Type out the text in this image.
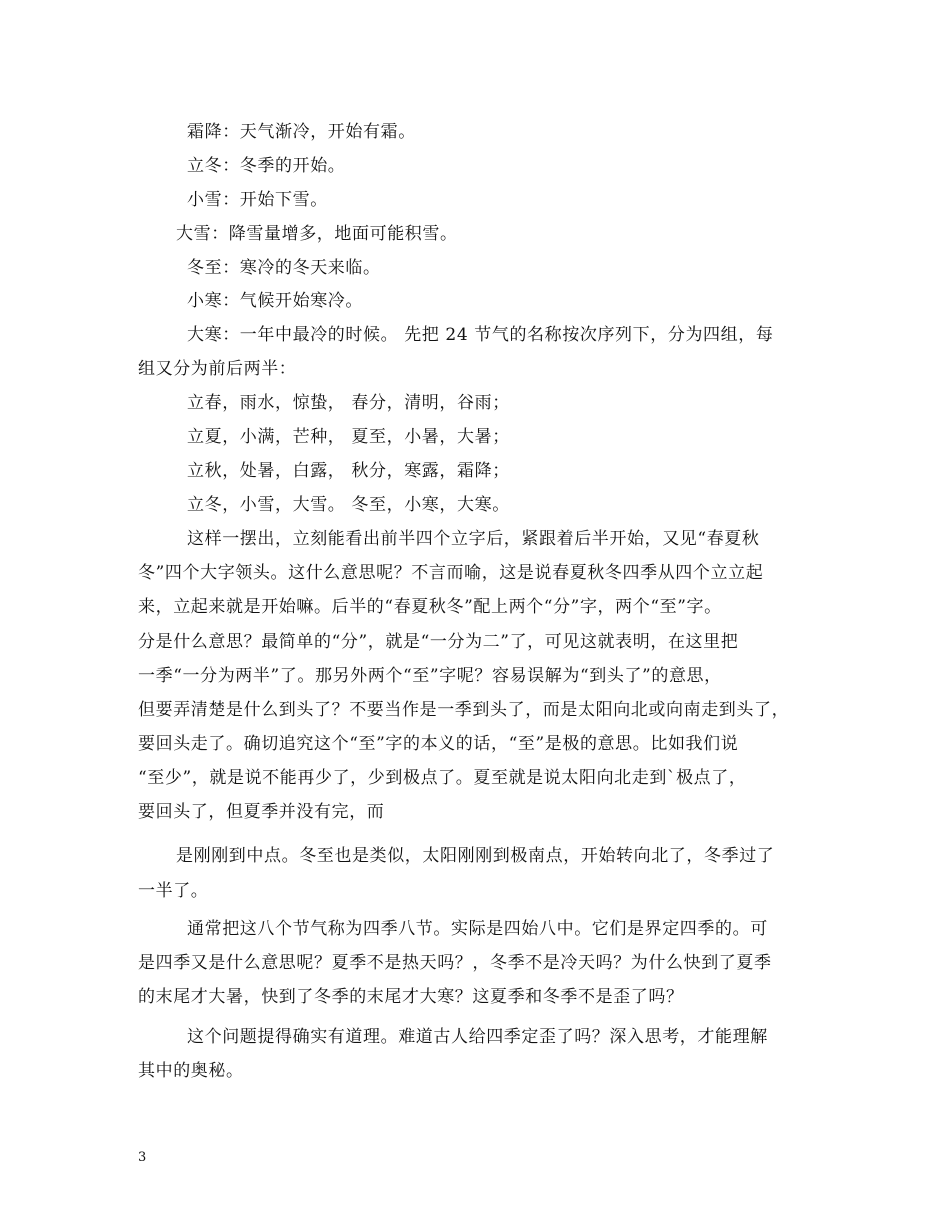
霜降：天气渐冷，开始有霜。
立冬：冬季的开始。
小雪：开始下雪。
大雪：降雪量增多，地面可能积雪。
冬至：寒冷的冬天来临。
小寒：气候开始寒冷。
大寒：一年中最冷的时候。 先把 24 节气的名称按次序列下，分为四组，每
组又分为前后两半：
立春，雨水，惊蛰， 春分，清明，谷雨；
立夏，小满，芒种， 夏至，小暑，大暑；
立秋，处暑，白露， 秋分，寒露，霜降；
立冬，小雪，大雪。 冬至，小寒，大寒。
这样一摆出，立刻能看出前半四个立字后，紧跟着后半开始，又见“春夏秋
冬”四个大字领头。这什么意思呢？不言而喻，这是说春夏秋冬四季从四个立立起
来，立起来就是开始嘛。后半的“春夏秋冬”配上两个“分”字，两个“至”字。
分是什么意思？最简单的“分”，就是“一分为二”了，可见这就表明，在这里把
一季“一分为两半”了。那另外两个“至”字呢？容易误解为“到头了”的意思，
但要弄清楚是什么到头了？不要当作是一季到头了，而是太阳向北或向南走到头了，
要回头走了。确切追究这个“至”字的本义的话，“至”是极的意思。比如我们说
“至少”，就是说不能再少了，少到极点了。夏至就是说太阳向北走到`极点了，
要回头了，但夏季并没有完，而
是刚刚到中点。冬至也是类似，太阳刚刚到极南点，开始转向北了，冬季过了
一半了。
通常把这八个节气称为四季八节。实际是四始八中。它们是界定四季的。可
是四季又是什么意思呢？夏季不是热天吗？，冬季不是冷天吗？为什么快到了夏季
的末尾才大暑，快到了冬季的末尾才大寒？这夏季和冬季不是歪了吗？
这个问题提得确实有道理。难道古人给四季定歪了吗？深入思考，才能理解
其中的奥秘。
3
